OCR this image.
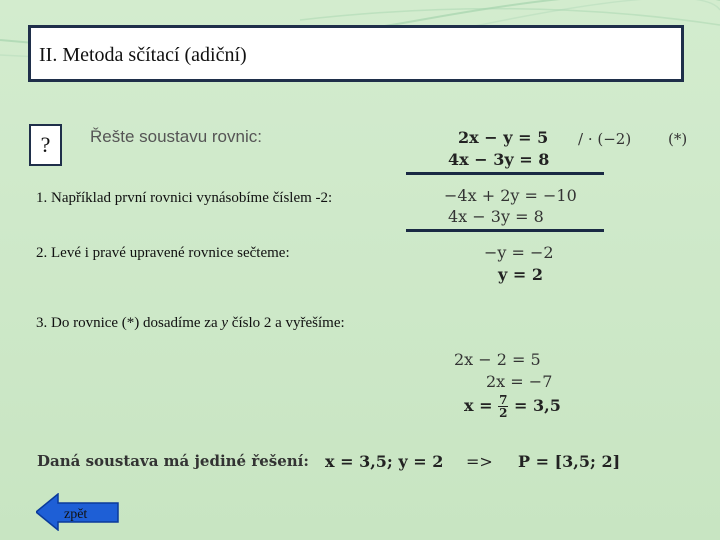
II. Metoda sčítací (adiční)
? Řešte soustavu rovnic:	2x − y = 5
4x − 3y = 8
/ · (−2) (*)
1. Například první rovnici vynásobíme číslem -2:	−4x + 2y = −10
4x − 3y = 8
2. Levé i pravé upravené rovnice sečteme:	−y = −2
y = 2
3. Do rovnice (*) dosadíme za y číslo 2 a vyřešíme:
2x − 2 = 5
2x = −7
$x = \frac{7}{2} = 3,5$
Daná soustava má jediné řešení: x = 3,5; y = 2 => P = [3,5; 2]
zpět
